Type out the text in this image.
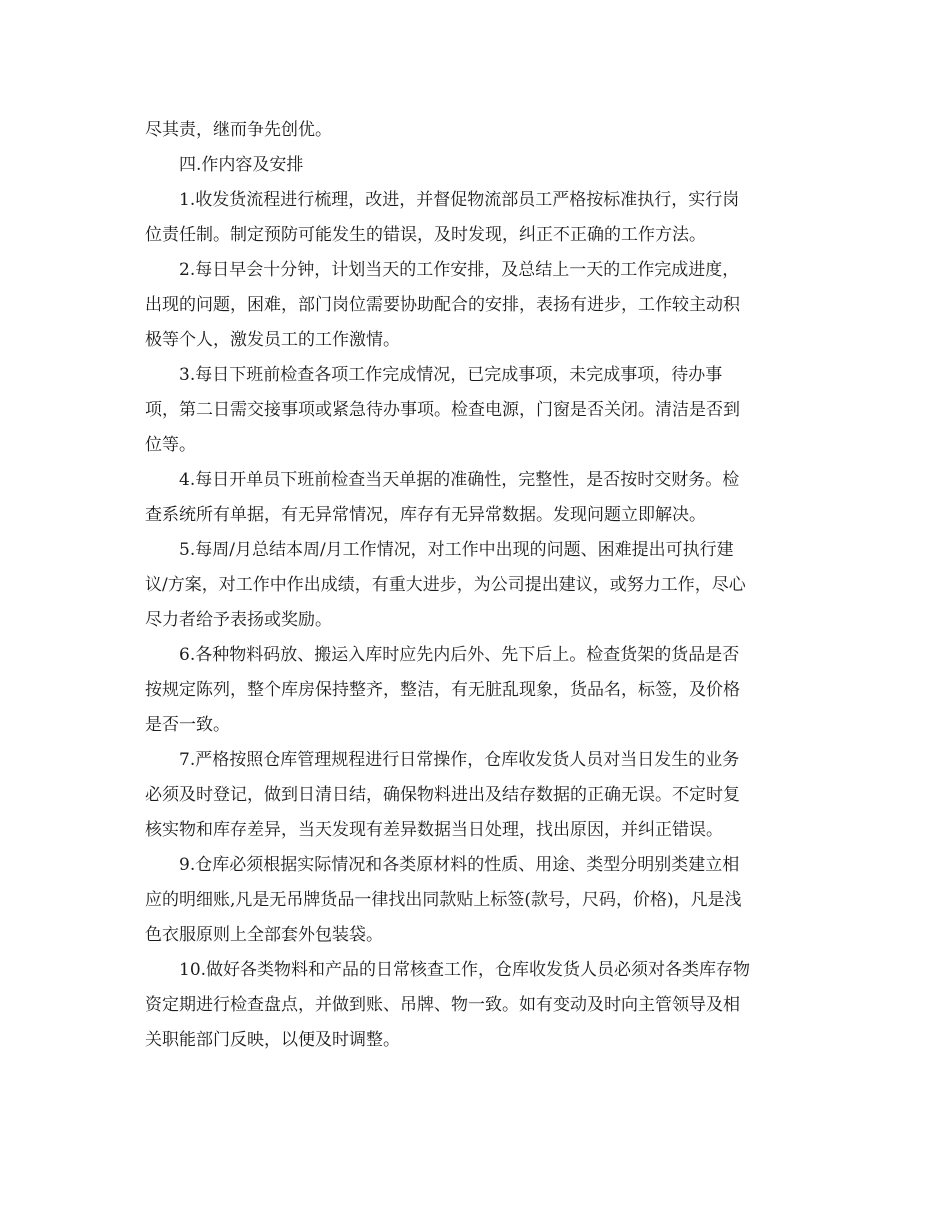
尽其责，继而争先创优。
四.作内容及安排
1.收发货流程进行梳理，改进，并督促物流部员工严格按标准执行，实行岗
位责任制。制定预防可能发生的错误，及时发现，纠正不正确的工作方法。
2.每日早会十分钟，计划当天的工作安排，及总结上一天的工作完成进度，
出现的问题，困难，部门岗位需要协助配合的安排，表扬有进步，工作较主动积
极等个人，激发员工的工作激情。
3.每日下班前检查各项工作完成情况，已完成事项，未完成事项，待办事
项，第二日需交接事项或紧急待办事项。检查电源，门窗是否关闭。清洁是否到
位等。
4.每日开单员下班前检查当天单据的准确性，完整性，是否按时交财务。检
查系统所有单据，有无异常情况，库存有无异常数据。发现问题立即解决。
5.每周/月总结本周/月工作情况，对工作中出现的问题、困难提出可执行建
议/方案，对工作中作出成绩，有重大进步，为公司提出建议，或努力工作，尽心
尽力者给予表扬或奖励。
6.各种物料码放、搬运入库时应先内后外、先下后上。检查货架的货品是否
按规定陈列，整个库房保持整齐，整洁，有无脏乱现象，货品名，标签，及价格
是否一致。
7.严格按照仓库管理规程进行日常操作，仓库收发货人员对当日发生的业务
必须及时登记，做到日清日结，确保物料进出及结存数据的正确无误。不定时复
核实物和库存差异，当天发现有差异数据当日处理，找出原因，并纠正错误。
9.仓库必须根据实际情况和各类原材料的性质、用途、类型分明别类建立相
应的明细账,凡是无吊牌货品一律找出同款贴上标签(款号，尺码，价格)，凡是浅
色衣服原则上全部套外包装袋。
10.做好各类物料和产品的日常核查工作，仓库收发货人员必须对各类库存物
资定期进行检查盘点，并做到账、吊牌、物一致。如有变动及时向主管领导及相
关职能部门反映，以便及时调整。
